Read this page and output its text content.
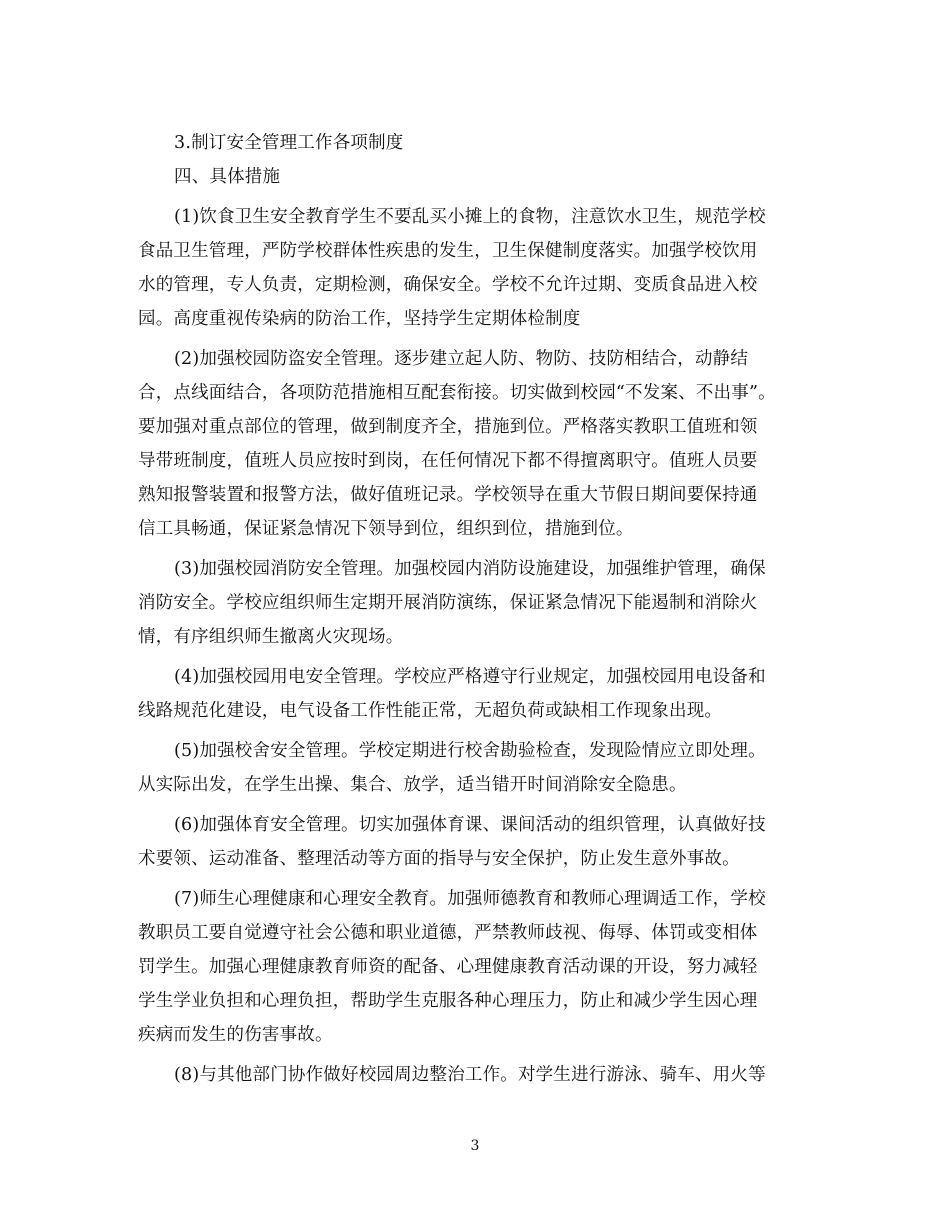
3.制订安全管理工作各项制度

四、具体措施

(1)饮食卫生安全教育学生不要乱买小摊上的食物，注意饮水卫生，规范学校
食品卫生管理，严防学校群体性疾患的发生，卫生保健制度落实。加强学校饮用
水的管理，专人负责，定期检测，确保安全。学校不允许过期、变质食品进入校
园。高度重视传染病的防治工作，坚持学生定期体检制度

(2)加强校园防盗安全管理。逐步建立起人防、物防、技防相结合，动静结
合，点线面结合，各项防范措施相互配套衔接。切实做到校园“不发案、不出事”。
要加强对重点部位的管理，做到制度齐全，措施到位。严格落实教职工值班和领
导带班制度，值班人员应按时到岗，在任何情况下都不得擅离职守。值班人员要
熟知报警装置和报警方法，做好值班记录。学校领导在重大节假日期间要保持通
信工具畅通，保证紧急情况下领导到位，组织到位，措施到位。

(3)加强校园消防安全管理。加强校园内消防设施建设，加强维护管理，确保
消防安全。学校应组织师生定期开展消防演练，保证紧急情况下能遏制和消除火
情，有序组织师生撤离火灾现场。

(4)加强校园用电安全管理。学校应严格遵守行业规定，加强校园用电设备和
线路规范化建设，电气设备工作性能正常，无超负荷或缺相工作现象出现。

(5)加强校舍安全管理。学校定期进行校舍勘验检查，发现险情应立即处理。
从实际出发，在学生出操、集合、放学，适当错开时间消除安全隐患。

(6)加强体育安全管理。切实加强体育课、课间活动的组织管理，认真做好技
术要领、运动准备、整理活动等方面的指导与安全保护，防止发生意外事故。

(7)师生心理健康和心理安全教育。加强师德教育和教师心理调适工作，学校
教职员工要自觉遵守社会公德和职业道德，严禁教师歧视、侮辱、体罚或变相体
罚学生。加强心理健康教育师资的配备、心理健康教育活动课的开设，努力减轻
学生学业负担和心理负担，帮助学生克服各种心理压力，防止和减少学生因心理
疾病而发生的伤害事故。

(8)与其他部门协作做好校园周边整治工作。对学生进行游泳、骑车、用火等

3
